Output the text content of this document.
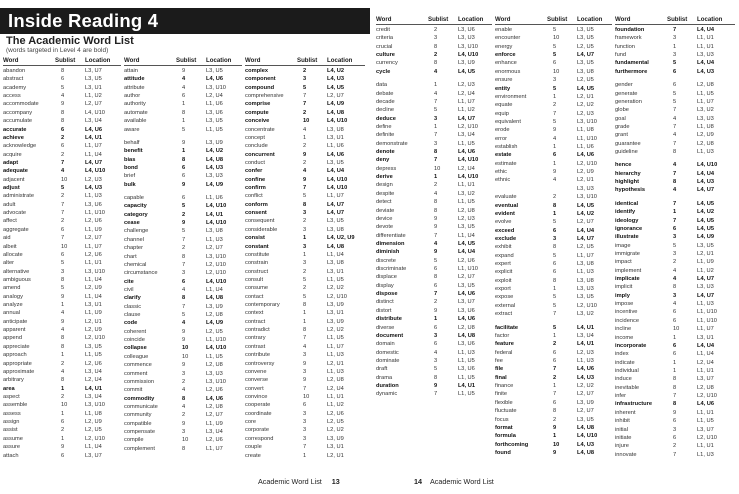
Inside Reading 4
The Academic Word List
(words targeted in Level 4 are bold)
Word	Sublist Location
abandon	8	L3, U7
abstract	6	L3, U5
academy	5	L3, U1
access	4	L1, U2
accommodate	9	L2, U7
accompany	8	L4, U10
accumulate	8	L3, U4
accurate	6	L4, U6
achieve	2	L4, U1
acknowledge	6	L1, U7
acquire	2	L1, U4
adapt	7	L4, U7
adequate	4	L4, U10
adjacent	10	L2, U3
adjust	5	L4, U3
administrate	2	L1, U3
adult	7	L3, U6
advocate	7	L1, U10
affect	2	L2, U6
aggregate	6	L1, U9
aid	7	L2, U7
albeit	10	L1, U7
allocate	6	L2, U6
alter	5	L1, U1
alternative	3	L3, U10
ambiguous	8	L1, U4
amend	5	L2, U9
analogy	9	L1, U4
analyze	1	L3, U1
annual	4	L1, U9
anticipate	9	L2, U1
apparent	4	L2, U9
append	8	L2, U10
appreciate	8	L3, U5
approach	1	L1, U5
appropriate	2	L2, U6
approximate	4	L3, U4
arbitrary	8	L2, U4
area	1	L4, U1
aspect	2	L3, U4
assemble	10	L3, U10
assess	1	L1, U8
assign	6	L2, U9
assist	2	L2, U5
assume	1	L2, U10
assure	9	L1, U4
attach	6	L3, U7
Word	Sublist Location
attain	9	L3, U5
attitude	4	L4, U6
attribute	4	L3, U10
author	6	L2, U4
authority	1	L1, U6
automate	8	L3, U6
available	1	L3, U5
aware	5	L1, U5
behalf	9	L3, U9
benefit	1	L4, U2
bias	8	L4, U8
bond	6	L4, U3
brief	6	L3, U3
bulk	9	L4, U9
capable	6	L1, U6
capacity	5	L4, U10
category	2	L4, U1
cease	9	L4, U10
challenge	5	L3, U8
channel	7	L1, U3
chapter	2	L2, U7
chart	8	L3, U10
chemical	7	L2, U10
circumstance	3	L2, U10
cite	6	L4, U10
civil	4	L1, U4
clarify	8	L4, U8
classic	7	L3, U9
clause	5	L2, U8
code	4	L4, U9
coherent	9	L2, U5
coincide	9	L1, U10
collapse	10	L4, U10
colleague	10	L1, U5
commence	9	L2, U8
comment	3	L3, U3
commission	2	L3, U10
commit	4	L2, U6
commodity	8	L4, U6
communicate	4	L2, U8
community	2	L2, U7
compatible	9	L1, U9
compensate	3	L3, U4
compile	10	L2, U6
complement	8	L1, U7
Word	Sublist Location
complex	2	L4, U2
component	3	L4, U3
compound	5	L4, U5
comprehensive	7	L2, U7
comprise	7	L4, U9
compute	2	L4, U8
conceive	10	L4, U10
concentrate	4	L3, U8
concept	1	L3, U1
conclude	2	L1, U6
concurrent	9	L4, U6
conduct	2	L3, U5
confer	4	L4, U4
confine	9	L4, U10
confirm	7	L4, U10
conflict	5	L1, U7
conform	8	L4, U7
consent	3	L4, U7
consequent	2	L3, U5
considerable	3	L3, U8
consist	1	L4, U2, U9
constant	3	L4, U8
constitute	1	L1, U4
constrain	3	L3, U8
construct	2	L3, U1
consult	5	L1, U5
consume	2	L2, U2
contact	5	L2, U10
contemporary	8	L3, U9
context	1	L3, U1
contract	1	L3, U9
contradict	8	L2, U2
contrary	7	L1, U5
contrast	4	L1, U7
contribute	3	L1, U3
controversy	9	L2, U1
convene	3	L1, U3
converse	9	L2, U8
convert	7	L2, U4
convince	10	L1, U1
cooperate	6	L1, U2
coordinate	3	L2, U6
core	3	L2, U5
corporate	3	L2, U2
correspond	3	L3, U9
couple	7	L3, U1
create	1	L2, U1
Academic Word List 13
Word	Sublist Location
credit	2	L3, U6
criteria	3	L3, U3
crucial	8	L3, U10
culture	2	L4, U10
currency	8	L3, U9
cycle	4	L4, U5
data	1	L2, U3
debate	4	L2, U4
decade	7	L1, U7
decline	5	L1, U2
deduce	3	L4, U7
define	1	L2, U10
definite	7	L3, U4
demonstrate	3	L1, U5
denote	8	L4, U6
deny	7	L4, U10
depress	10	L2, U4
derive	1	L4, U10
design	2	L1, U1
despite	4	L3, U2
detect	8	L1, U5
deviate	8	L2, U8
device	9	L2, U3
devote	9	L3, U5
differentiate	7	L1, U4
dimension	4	L4, U5
diminish	9	L4, U4
discrete	5	L2, U6
discriminate	6	L1, U10
displace	8	L2, U7
display	6	L3, U5
dispose	7	L4, U6
distinct	2	L3, U7
distort	9	L3, U6
distribute	1	L4, U6
diverse	6	L2, U8
document	3	L4, U8
domain	6	L3, U6
domestic	4	L1, U3
dominate	3	L1, U5
draft	5	L3, U6
drama	8	L1, U5
duration	9	L4, U1
dynamic	7	L1, U5
Word	Sublist Location
enable	5	L3, U5
encounter	10	L3, U5
energy	5	L2, U5
enforce	5	L4, U7
enhance	6	L3, U5
enormous	10	L3, U8
ensure	3	L2, U5
entity	5	L4, U5
environment	1	L2, U1
equate	2	L2, U2
equip	7	L2, U3
equivalent	5	L3, U10
erode	9	L1, U8
error	4	L1, U10
establish	1	L1, U6
estate	6	L4, U6
estimate	1	L2, U10
ethic	9	L2, U9
ethnic	4	L2, U1
L3, U3
evaluate	2	L3, U10
eventual	8	L4, U5
evident	1	L4, U2
evolve	5	L2, U7
exceed	6	L4, U4
exclude	3	L4, U7
exhibit	8	L2, U5
expand	5	L1, U7
expert	6	L3, U8
explicit	6	L1, U3
exploit	8	L3, U8
export	1	L3, U3
expose	5	L3, U5
external	5	L2, U10
extract	7	L3, U2
facilitate	5	L4, U1
factor	1	L3, U4
feature	2	L4, U1
federal	6	L2, U3
fee	6	L1, U3
file	7	L4, U6
final	2	L4, U3
finance	1	L2, U2
finite	7	L2, U7
flexible	6	L3, U9
fluctuate	8	L2, U7
focus	2	L3, U5
format	9	L4, U8
formula	1	L4, U10
forthcoming	10	L4, U3
found	9	L4, U8
Word	Sublist Location
foundation	7	L4, U4
framework	3	L1, U1
function	1	L1, U1
fund	3	L3, U3
fundamental	5	L4, U4
furthermore	6	L4, U3
gender	6	L2, U8
generate	5	L1, U5
generation	5	L1, U7
globe	7	L3, U2
goal	4	L3, U3
grade	7	L1, U8
grant	4	L2, U9
guarantee	7	L2, U8
guideline	8	L1, U3
hence	4	L4, U10
hierarchy	7	L4, U4
highlight	8	L4, U3
hypothesis	4	L4, U7
identical	7	L4, U5
identify	1	L4, U2
ideology	7	L4, U5
ignorance	6	L4, U5
illustrate	3	L4, U9
image	5	L3, U5
immigrate	3	L2, U1
impact	2	L1, U9
implement	4	L1, U2
implicate	4	L4, U7
implicit	8	L3, U3
imply	3	L4, U7
impose	4	L1, U3
incentive	6	L1, U10
incidence	6	L1, U10
incline	10	L1, U7
income	1	L3, U1
incorporate	6	L4, U4
index	6	L1, U4
indicate	1	L2, U4
individual	1	L1, U1
induce	8	L3, U7
inevitable	8	L2, U8
infer	7	L2, U10
infrastructure	8	L4, U6
inherent	9	L1, U1
inhibit	6	L1, U5
initial	3	L3, U7
initiate	6	L2, U10
injure	2	L1, U1
innovate	7	L1, U3
14 Academic Word List
